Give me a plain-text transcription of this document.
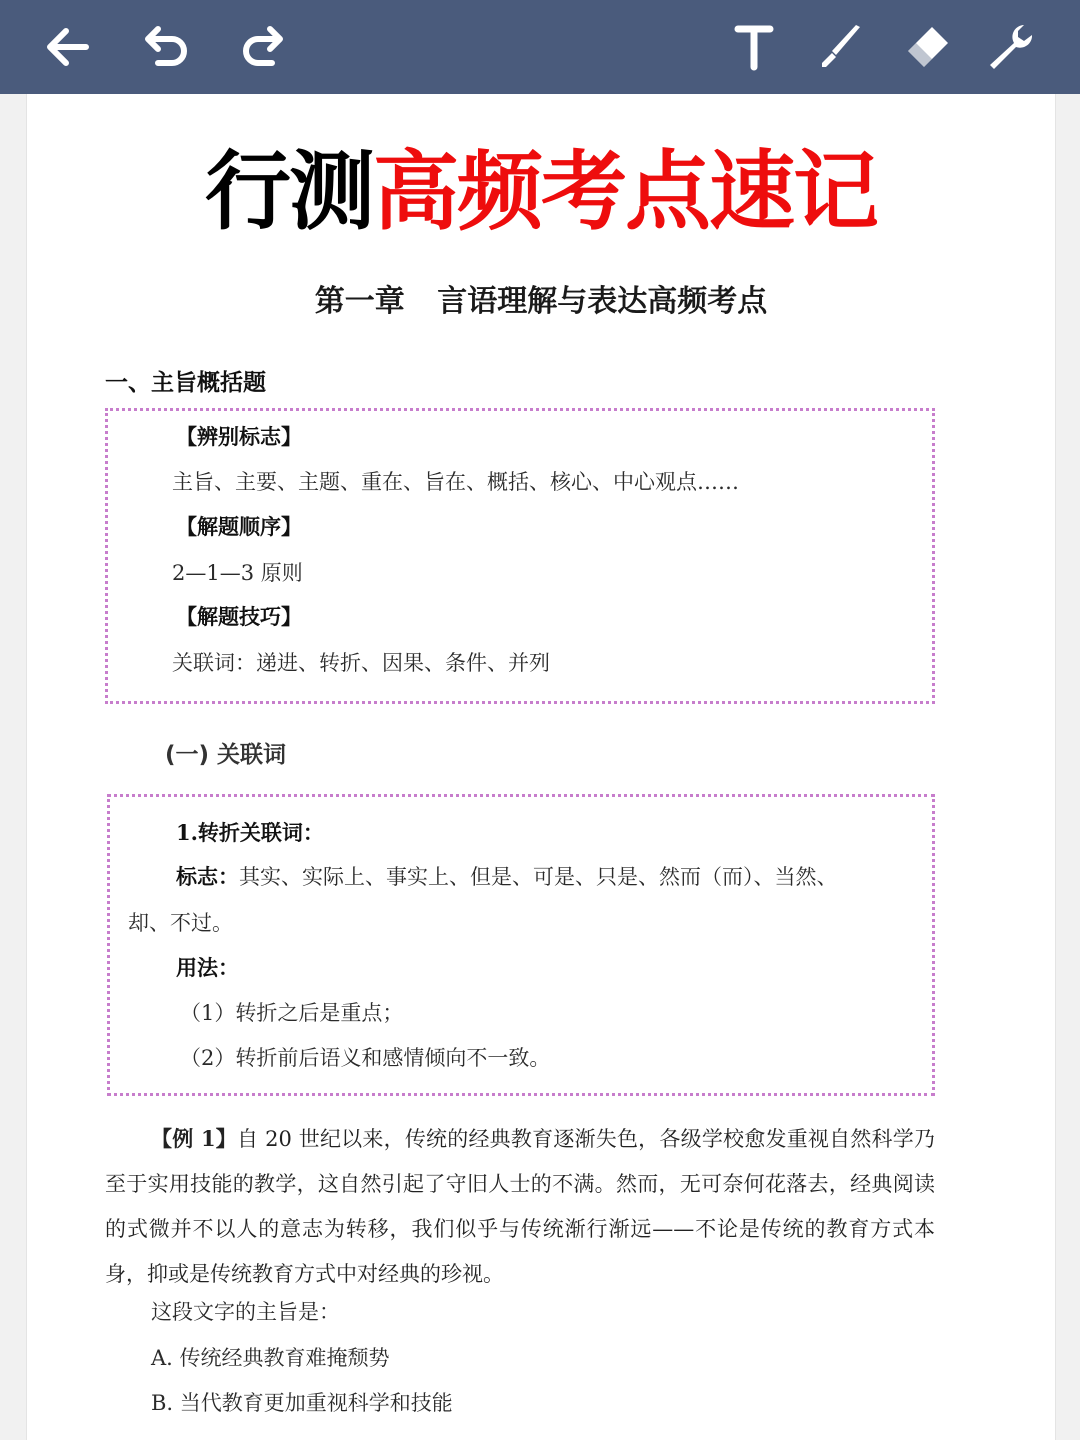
行测高频考点速记
第一章 言语理解与表达高频考点
一、主旨概括题
【辨别标志】
主旨、主要、主题、重在、旨在、概括、核心、中心观点……
【解题顺序】
2—1—3 原则
【解题技巧】
关联词：递进、转折、因果、条件、并列
(一) 关联词
1.转折关联词：
标志：其实、实际上、事实上、但是、可是、只是、然而（而）、当然、
却、不过。
用法：
（1）转折之后是重点；
（2）转折前后语义和感情倾向不一致。
【例 1】自 20 世纪以来，传统的经典教育逐渐失色，各级学校愈发重视自然科学乃至于实用技能的教学，这自然引起了守旧人士的不满。然而，无可奈何花落去，经典阅读的式微并不以人的意志为转移，我们似乎与传统渐行渐远——不论是传统的教育方式本身，抑或是传统教育方式中对经典的珍视。
这段文字的主旨是：
A. 传统经典教育难掩颓势
B. 当代教育更加重视科学和技能
